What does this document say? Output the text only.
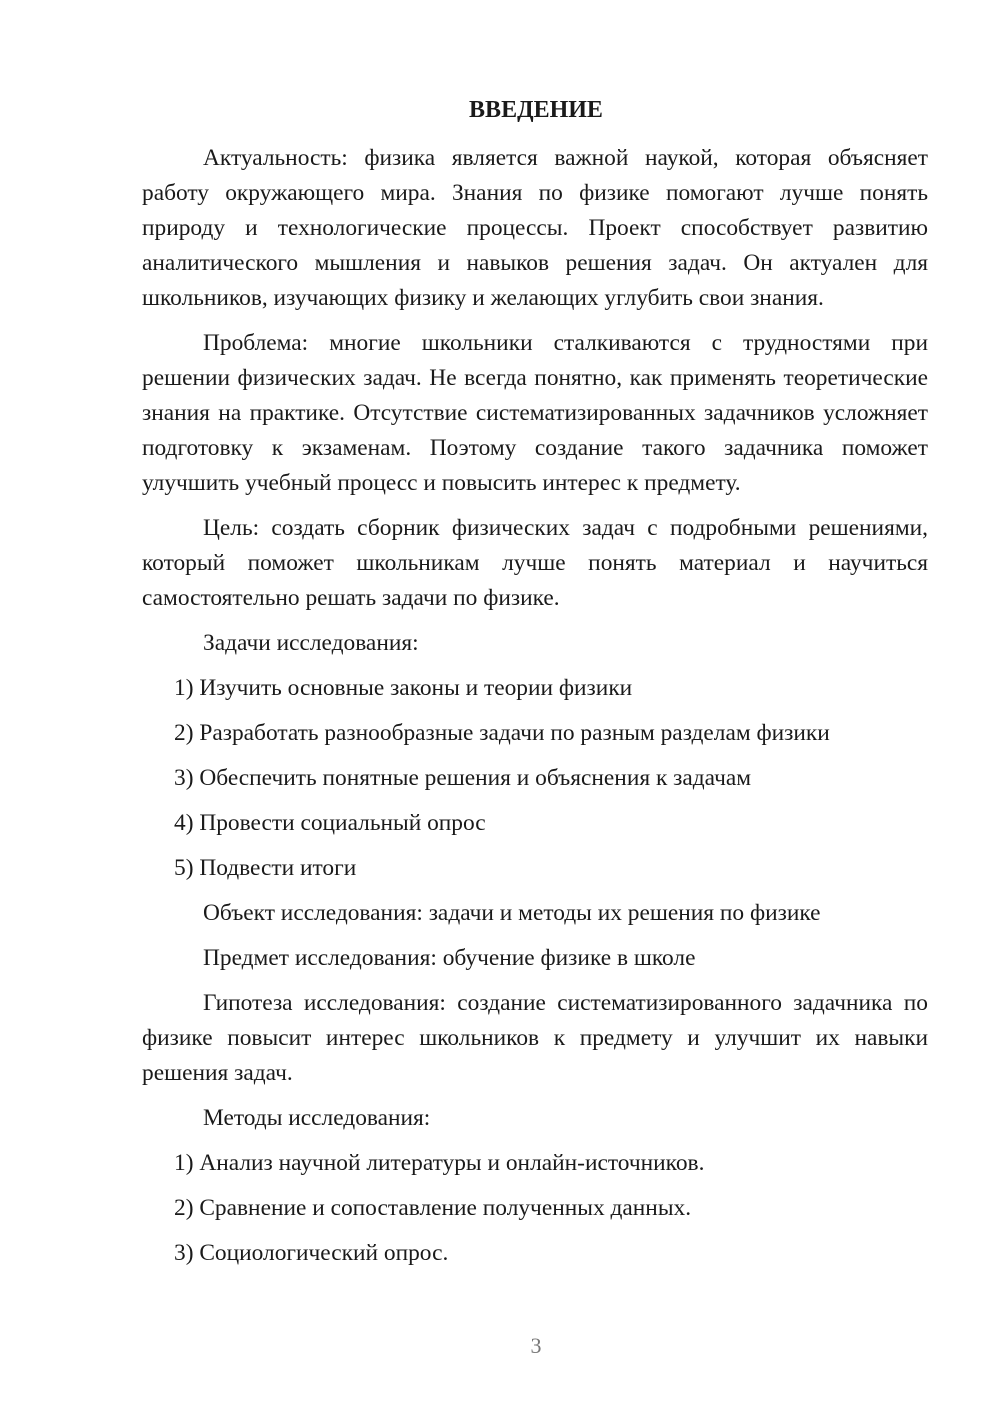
ВВЕДЕНИЕ

Актуальность: физика является важной наукой, которая объясняет работу окружающего мира. Знания по физике помогают лучше понять природу и технологические процессы. Проект способствует развитию аналитического мышления и навыков решения задач. Он актуален для школьников, изучающих физику и желающих углубить свои знания.

Проблема: многие школьники сталкиваются с трудностями при решении физических задач. Не всегда понятно, как применять теоретические знания на практике. Отсутствие систематизированных задачников усложняет подготовку к экзаменам. Поэтому создание такого задачника поможет улучшить учебный процесс и повысить интерес к предмету.

Цель: создать сборник физических задач с подробными решениями, который поможет школьникам лучше понять материал и научиться самостоятельно решать задачи по физике.

Задачи исследования:

1) Изучить основные законы и теории физики

2) Разработать разнообразные задачи по разным разделам физики

3) Обеспечить понятные решения и объяснения к задачам

4) Провести социальный опрос

5) Подвести итоги

Объект исследования: задачи и методы их решения по физике

Предмет исследования: обучение физике в школе

Гипотеза исследования: создание систематизированного задачника по физике повысит интерес школьников к предмету и улучшит их навыки решения задач.

Методы исследования:

1) Анализ научной литературы и онлайн-источников.

2) Сравнение и сопоставление полученных данных.

3) Социологический опрос.

3
